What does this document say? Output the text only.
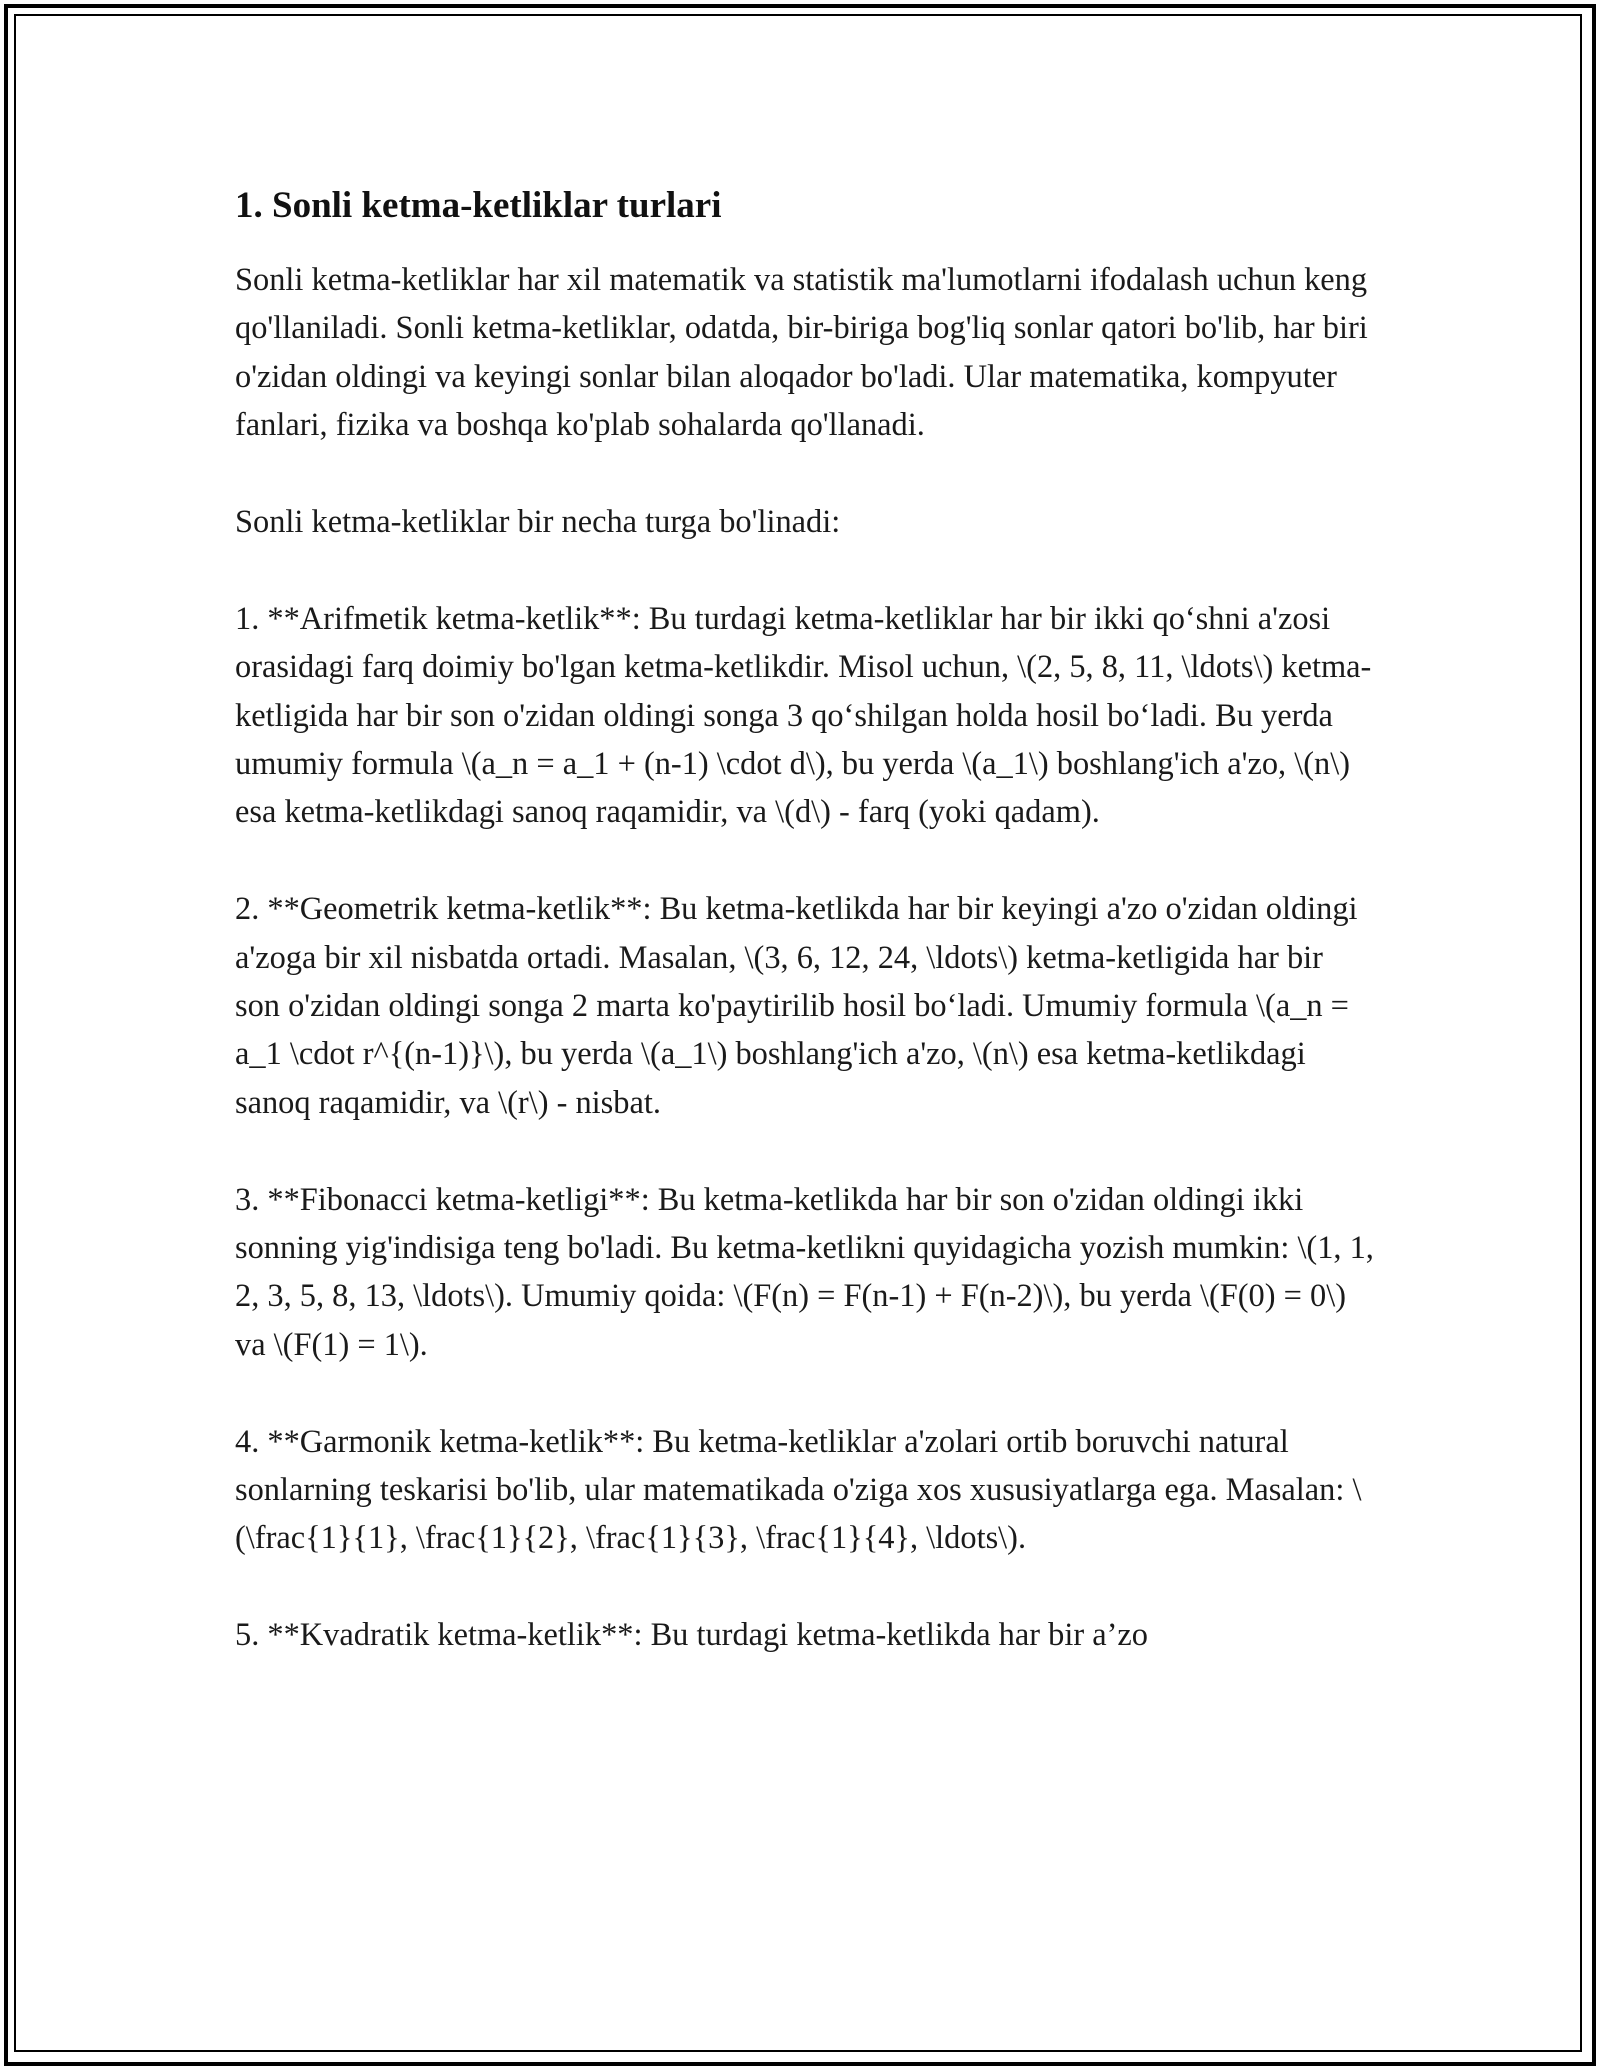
1. Sonli ketma-ketliklar turlari

Sonli ketma-ketliklar har xil matematik va statistik ma'lumotlarni ifodalash uchun keng qo'llaniladi. Sonli ketma-ketliklar, odatda, bir-biriga bog'liq sonlar qatori bo'lib, har biri o'zidan oldingi va keyingi sonlar bilan aloqador bo'ladi. Ular matematika, kompyuter fanlari, fizika va boshqa ko'plab sohalarda qo'llanadi.

Sonli ketma-ketliklar bir necha turga bo'linadi:

1. **Arifmetik ketma-ketlik**: Bu turdagi ketma-ketliklar har bir ikki qo‘shni a'zosi orasidagi farq doimiy bo'lgan ketma-ketlikdir. Misol uchun, \(2, 5, 8, 11, \ldots\) ketma-ketligida har bir son o'zidan oldingi songa 3 qo‘shilgan holda hosil bo‘ladi. Bu yerda umumiy formula \(a_n = a_1 + (n-1) \cdot d\), bu yerda \(a_1\) boshlang'ich a'zo, \(n\) esa ketma-ketlikdagi sanoq raqamidir, va \(d\) - farq (yoki qadam).

2. **Geometrik ketma-ketlik**: Bu ketma-ketlikda har bir keyingi a'zo o'zidan oldingi a'zoga bir xil nisbatda ortadi. Masalan, \(3, 6, 12, 24, \ldots\) ketma-ketligida har bir son o'zidan oldingi songa 2 marta ko'paytirilib hosil bo‘ladi. Umumiy formula \(a_n = a_1 \cdot r^{(n-1)}\), bu yerda \(a_1\) boshlang'ich a'zo, \(n\) esa ketma-ketlikdagi sanoq raqamidir, va \(r\) - nisbat.

3. **Fibonacci ketma-ketligi**: Bu ketma-ketlikda har bir son o'zidan oldingi ikki sonning yig'indisiga teng bo'ladi. Bu ketma-ketlikni quyidagicha yozish mumkin: \(1, 1, 2, 3, 5, 8, 13, \ldots\). Umumiy qoida: \(F(n) = F(n-1) + F(n-2)\), bu yerda \(F(0) = 0\) va \(F(1) = 1\).

4. **Garmonik ketma-ketlik**: Bu ketma-ketliklar a'zolari ortib boruvchi natural sonlarning teskarisi bo'lib, ular matematikada o'ziga xos xususiyatlarga ega. Masalan: \(\frac{1}{1}, \frac{1}{2}, \frac{1}{3}, \frac{1}{4}, \ldots\).

5. **Kvadratik ketma-ketlik**: Bu turdagi ketma-ketlikda har bir a’zo
